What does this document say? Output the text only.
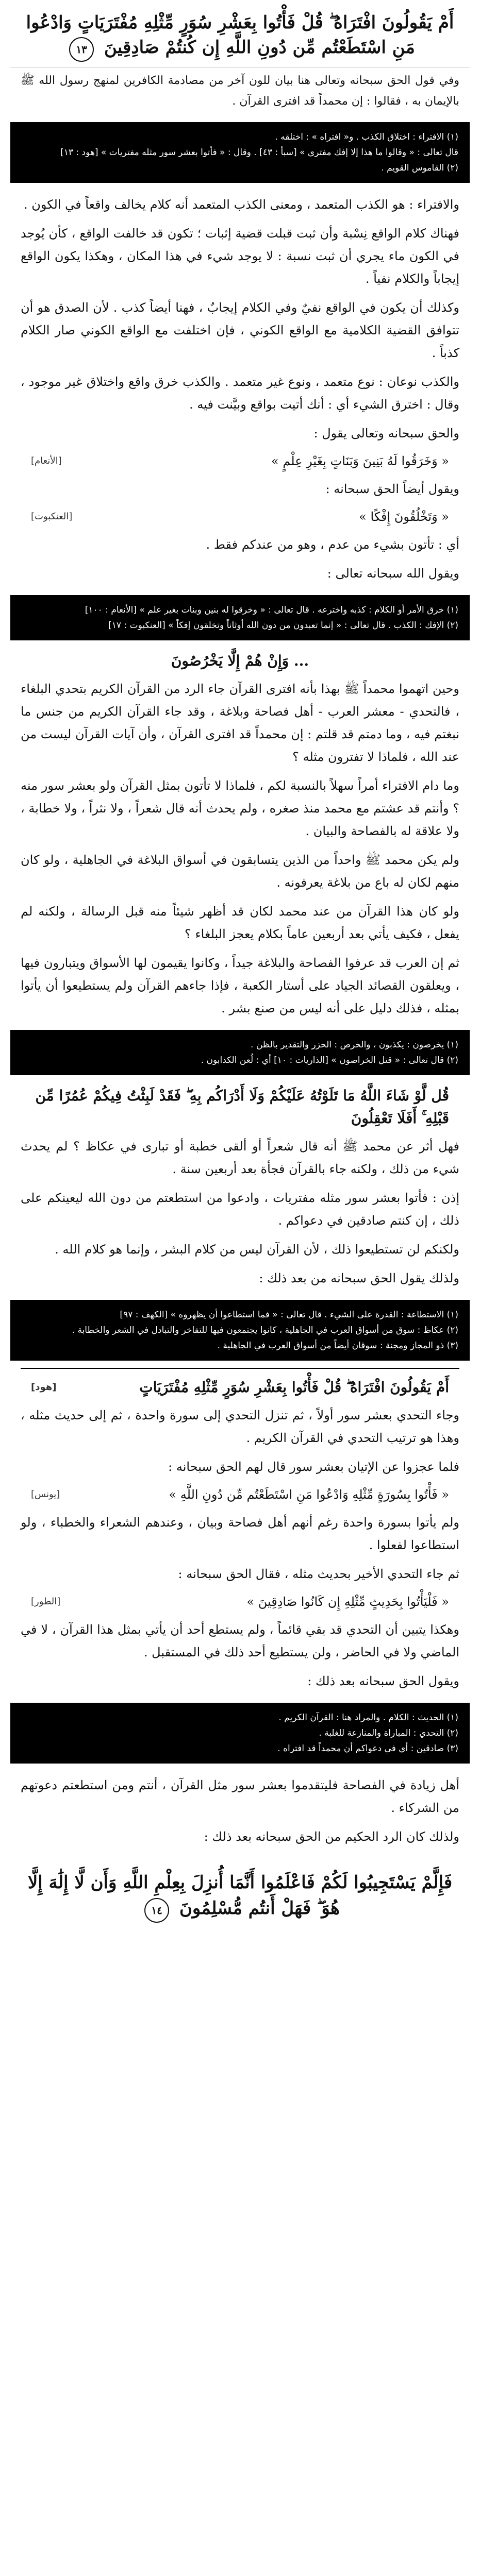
أَمْ يَقُولُونَ افْتَرَاهُ ۖ قُلْ فَأْتُوا بِعَشْرِ سُوَرٍ مِّثْلِهِ مُفْتَرَيَاتٍ وَادْعُوا مَنِ اسْتَطَعْتُم مِّن دُونِ اللَّهِ إِن كُنتُمْ صَادِقِينَ ١٣

وفي قول الحق سبحانه وتعالى هنا بيان للون آخر من مصادمة الكافرين لمنهج رسول الله ﷺ بالإيمان به ، فقالوا : إن محمداً قد افترى القرآن .

(١) الافتراء : اختلاق الكذب . و« افتراه » : اختلقه .
قال تعالى : « وقالوا ما هذا إلا إفك مفترى » [سبأ : ٤٣] . وقال : « فأتوا بعشر سور مثله مفتريات » [هود : ١٣]
(٢) القاموس القويم .

والافتراء : هو الكذب المتعمد ، ومعنى الكذب المتعمد أنه كلام يخالف واقعاً في الكون .

فهناك كلام الواقع نِسْبة وأن ثبت قبلت قضية إثبات ؛ تكون قد خالفت الواقع ، كأن يُوجد في الكون ماء يجري أن ثبت نسبة : لا يوجد شيء في هذا المكان ، وهكذا يكون الواقع إيجاباً والكلام نفياً .

وكذلك أن يكون في الواقع نفيٌ وفي الكلام إيجابٌ ، فهنا أيضاً كذب . لأن الصدق هو أن تتوافق القضية الكلامية مع الواقع الكوني ، فإن اختلفت مع الواقع الكوني صار الكلام كذباً .

والكذب نوعان : نوع متعمد ، ونوع غير متعمد . والكذب خرق واقع واختلاق غير موجود ، وقال : اخترق الشيء أي : أنك أتيت بواقع وبيَّنت فيه .

والحق سبحانه وتعالى يقول :

« وَخَرَقُوا لَهُ بَنِينَ وَبَنَاتٍ بِغَيْرِ عِلْمٍ »
[الأنعام]

ويقول أيضاً الحق سبحانه :

« وَتَخْلُقُونَ إِفْكًا »
[العنكبوت]

أي : تأتون بشيء من عدم ، وهو من عندكم فقط .

ويقول الله سبحانه تعالى :

(١) خرق الأمر أو الكلام : كذبه واخترعه . قال تعالى : « وخرقوا له بنين وبنات بغير علم » [الأنعام : ١٠٠]
(٢) الإفك : الكذب . قال تعالى : « إنما تعبدون من دون الله أوثاناً وتخلقون إفكاً » [العنكبوت : ١٧]
... وَإِنْ هُمْ إِلَّا يَخْرُصُونَ

وحين اتهموا محمداً ﷺ بهذا بأنه افترى القرآن جاء الرد من القرآن الكريم بتحدي البلغاء ، فالتحدي - معشر العرب - أهل فصاحة وبلاغة ، وقد جاء القرآن الكريم من جنس ما نبغتم فيه ، وما دمتم قد قلتم : إن محمداً قد افترى القرآن ، وأن آيات القرآن ليست من عند الله ، فلماذا لا تفترون مثله ؟

وما دام الافتراء أمراً سهلاً بالنسبة لكم ، فلماذا لا تأتون بمثل القرآن ولو بعشر سور منه ؟ وأنتم قد عشتم مع محمد منذ صغره ، ولم يحدث أنه قال شعراً ، ولا نثراً ، ولا خطابة ، ولا علاقة له بالفصاحة والبيان .

ولم يكن محمد ﷺ واحداً من الذين يتسابقون في أسواق البلاغة في الجاهلية ، ولو كان منهم لكان له باع من بلاغة يعرفونه .

ولو كان هذا القرآن من عند محمد لكان قد أظهر شيئاً منه قبل الرسالة ، ولكنه لم يفعل ، فكيف يأتي بعد أربعين عاماً بكلام يعجز البلغاء ؟

ثم إن العرب قد عرفوا الفصاحة والبلاغة جيداً ، وكانوا يقيمون لها الأسواق ويتبارون فيها ، ويعلقون القصائد الجياد على أستار الكعبة ، فإذا جاءهم القرآن ولم يستطيعوا أن يأتوا بمثله ، فذلك دليل على أنه ليس من صنع بشر .

(١) يخرصون : يكذبون ، والخرص : الحزر والتقدير بالظن .
(٢) قال تعالى : « قتل الخراصون » [الذاريات : ١٠] أي : لُعن الكذابون .
قُل لَّوْ شَاءَ اللَّهُ مَا تَلَوْتُهُ عَلَيْكُمْ وَلَا أَدْرَاكُم بِهِ ۖ فَقَدْ لَبِثْتُ فِيكُمْ عُمُرًا مِّن قَبْلِهِ ۚ أَفَلَا تَعْقِلُونَ

فهل أثر عن محمد ﷺ أنه قال شعراً أو ألقى خطبة أو تبارى في عكاظ ؟ لم يحدث شيء من ذلك ، ولكنه جاء بالقرآن فجأة بعد أربعين سنة .

إذن : فأتوا بعشر سور مثله مفتريات ، وادعوا من استطعتم من دون الله ليعينكم على ذلك ، إن كنتم صادقين في دعواكم .

ولكنكم لن تستطيعوا ذلك ، لأن القرآن ليس من كلام البشر ، وإنما هو كلام الله .

ولذلك يقول الحق سبحانه من بعد ذلك :

(١) الاستطاعة : القدرة على الشيء . قال تعالى : « فما استطاعوا أن يظهروه » [الكهف : ٩٧]
(٢) عكاظ : سوق من أسواق العرب في الجاهلية ، كانوا يجتمعون فيها للتفاخر والتبادل في الشعر والخطابة .
(٣) ذو المجاز ومجنة : سوقان أيضاً من أسواق العرب في الجاهلية .
أَمْ يَقُولُونَ افْتَرَاهُ ۖ قُلْ فَأْتُوا بِعَشْرِ سُوَرٍ مِّثْلِهِ مُفْتَرَيَاتٍ
[هود]

وجاء التحدي بعشر سور أولاً ، ثم تنزل التحدي إلى سورة واحدة ، ثم إلى حديث مثله ، وهذا هو ترتيب التحدي في القرآن الكريم .

فلما عجزوا عن الإتيان بعشر سور قال لهم الحق سبحانه :

« فَأْتُوا بِسُورَةٍ مِّثْلِهِ وَادْعُوا مَنِ اسْتَطَعْتُم مِّن دُونِ اللَّهِ »
[يونس]

ولم يأتوا بسورة واحدة رغم أنهم أهل فصاحة وبيان ، وعندهم الشعراء والخطباء ، ولو استطاعوا لفعلوا .

ثم جاء التحدي الأخير بحديث مثله ، فقال الحق سبحانه :

« فَلْيَأْتُوا بِحَدِيثٍ مِّثْلِهِ إِن كَانُوا صَادِقِينَ »
[الطور]

وهكذا يتبين أن التحدي قد بقي قائماً ، ولم يستطع أحد أن يأتي بمثل هذا القرآن ، لا في الماضي ولا في الحاضر ، ولن يستطيع أحد ذلك في المستقبل .

ويقول الحق سبحانه بعد ذلك :

(١) الحديث : الكلام . والمراد هنا : القرآن الكريم .
(٢) التحدي : المباراة والمنازعة للغلبة .
(٣) صادقين : أي في دعواكم أن محمداً قد افتراه .

أهل زيادة في الفصاحة فليتقدموا بعشر سور مثل القرآن ، أنتم ومن استطعتم دعوتهم من الشركاء .

ولذلك كان الرد الحكيم من الحق سبحانه بعد ذلك :

فَإِلَّمْ يَسْتَجِيبُوا لَكُمْ فَاعْلَمُوا أَنَّمَا أُنزِلَ بِعِلْمِ اللَّهِ وَأَن لَّا إِلَٰهَ إِلَّا هُوَ ۖ فَهَلْ أَنتُم مُّسْلِمُونَ ١٤
